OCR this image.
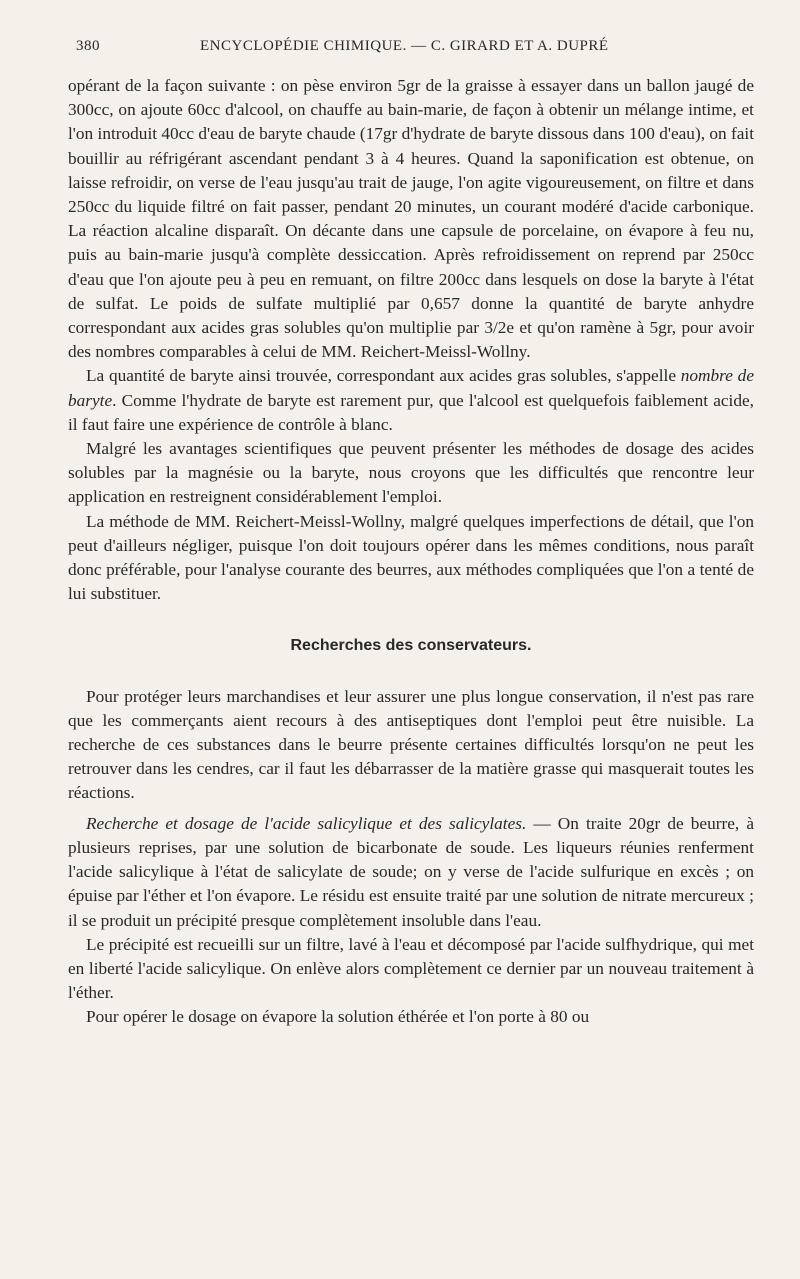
380	ENCYCLOPÉDIE CHIMIQUE. — C. GIRARD ET A. DUPRÉ

opérant de la façon suivante : on pèse environ 5gr de la graisse à essayer dans un ballon jaugé de 300cc, on ajoute 60cc d'alcool, on chauffe au bain-marie, de façon à obtenir un mélange intime, et l'on introduit 40cc d'eau de baryte chaude (17gr d'hydrate de baryte dissous dans 100 d'eau), on fait bouillir au réfrigérant ascendant pendant 3 à 4 heures. Quand la saponification est obtenue, on laisse refroidir, on verse de l'eau jusqu'au trait de jauge, l'on agite vigoureusement, on filtre et dans 250cc du liquide filtré on fait passer, pendant 20 minutes, un courant modéré d'acide carbonique. La réaction alcaline disparaît. On décante dans une capsule de porcelaine, on évapore à feu nu, puis au bain-marie jusqu'à complète dessiccation. Après refroidissement on reprend par 250cc d'eau que l'on ajoute peu à peu en remuant, on filtre 200cc dans lesquels on dose la baryte à l'état de sulfat. Le poids de sulfate multiplié par 0,657 donne la quantité de baryte anhydre correspondant aux acides gras solubles qu'on multiplie par 3/2e et qu'on ramène à 5gr, pour avoir des nombres comparables à celui de MM. Reichert-Meissl-Wollny.

La quantité de baryte ainsi trouvée, correspondant aux acides gras solubles, s'appelle nombre de baryte. Comme l'hydrate de baryte est rarement pur, que l'alcool est quelquefois faiblement acide, il faut faire une expérience de contrôle à blanc.

Malgré les avantages scientifiques que peuvent présenter les méthodes de dosage des acides solubles par la magnésie ou la baryte, nous croyons que les difficultés que rencontre leur application en restreignent considérablement l'emploi.

La méthode de MM. Reichert-Meissl-Wollny, malgré quelques imperfections de détail, que l'on peut d'ailleurs négliger, puisque l'on doit toujours opérer dans les mêmes conditions, nous paraît donc préférable, pour l'analyse courante des beurres, aux méthodes compliquées que l'on a tenté de lui substituer.

Recherches des conservateurs.

Pour protéger leurs marchandises et leur assurer une plus longue conservation, il n'est pas rare que les commerçants aient recours à des antiseptiques dont l'emploi peut être nuisible. La recherche de ces substances dans le beurre présente certaines difficultés lorsqu'on ne peut les retrouver dans les cendres, car il faut les débarrasser de la matière grasse qui masquerait toutes les réactions.

Recherche et dosage de l'acide salicylique et des salicylates. — On traite 20gr de beurre, à plusieurs reprises, par une solution de bicarbonate de soude. Les liqueurs réunies renferment l'acide salicylique à l'état de salicylate de soude; on y verse de l'acide sulfurique en excès ; on épuise par l'éther et l'on évapore. Le résidu est ensuite traité par une solution de nitrate mercureux ; il se produit un précipité presque complètement insoluble dans l'eau.

Le précipité est recueilli sur un filtre, lavé à l'eau et décomposé par l'acide sulfhydrique, qui met en liberté l'acide salicylique. On enlève alors complètement ce dernier par un nouveau traitement à l'éther.

Pour opérer le dosage on évapore la solution éthérée et l'on porte à 80 ou
